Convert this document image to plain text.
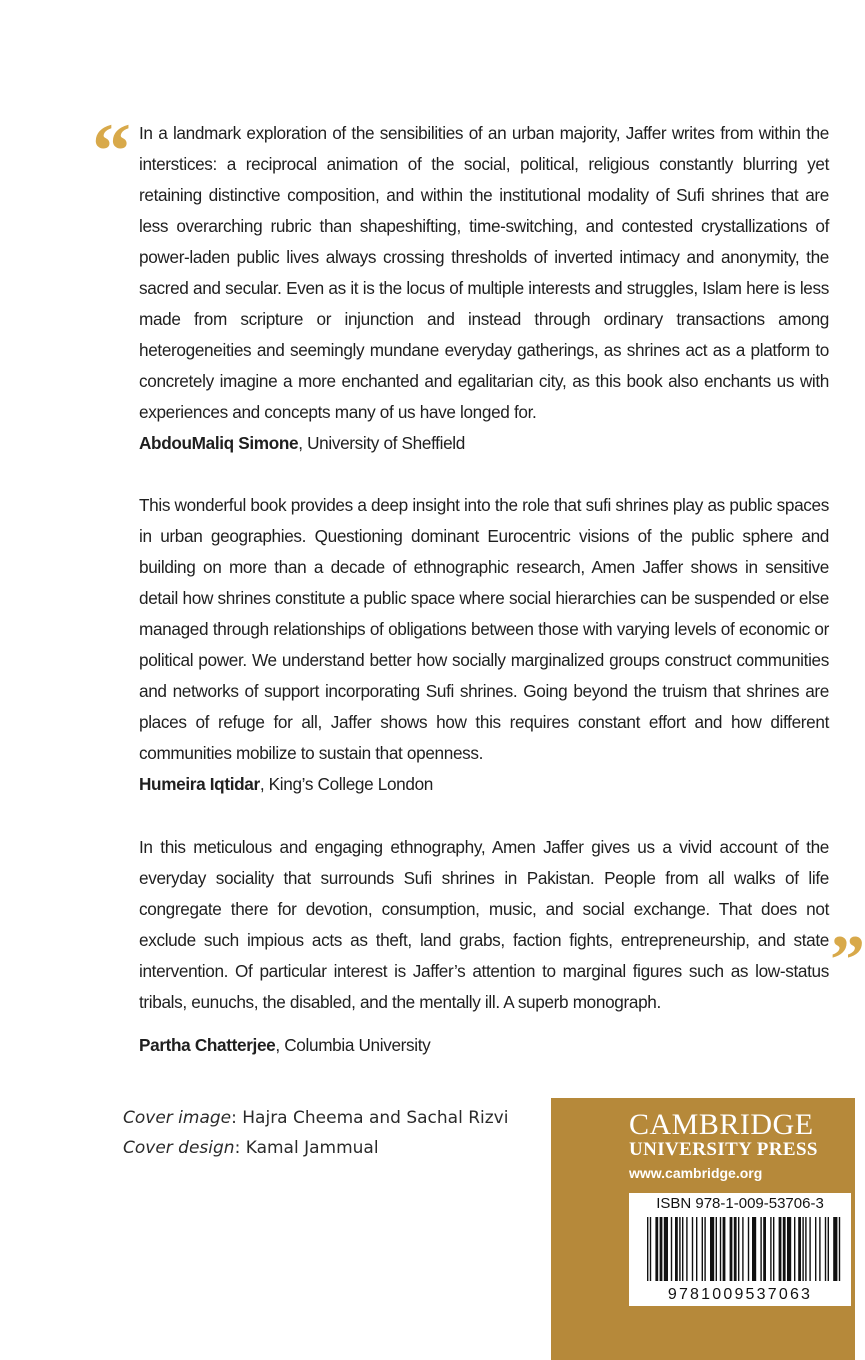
“ In a landmark exploration of the sensibilities of an urban majority, Jaffer writes from within the interstices: a reciprocal animation of the social, political, religious constantly blurring yet retaining distinctive composition, and within the institutional modality of Sufi shrines that are less overarching rubric than shapeshifting, time-switching, and contested crystallizations of power-laden public lives always crossing thresholds of inverted intimacy and anonymity, the sacred and secular. Even as it is the locus of multiple interests and struggles, Islam here is less made from scripture or injunction and instead through ordinary transactions among heterogeneities and seemingly mundane everyday gatherings, as shrines act as a platform to concretely imagine a more enchanted and egalitarian city, as this book also enchants us with experiences and concepts many of us have longed for.

AbdouMaliq Simone, University of Sheffield

This wonderful book provides a deep insight into the role that sufi shrines play as public spaces in urban geographies. Questioning dominant Eurocentric visions of the public sphere and building on more than a decade of ethnographic research, Amen Jaffer shows in sensitive detail how shrines constitute a public space where social hierarchies can be suspended or else managed through relationships of obligations between those with varying levels of economic or political power. We understand better how socially marginalized groups construct communities and networks of support incorporating Sufi shrines. Going beyond the truism that shrines are places of refuge for all, Jaffer shows how this requires constant effort and how different communities mobilize to sustain that openness.

Humeira Iqtidar, King’s College London

In this meticulous and engaging ethnography, Amen Jaffer gives us a vivid account of the everyday sociality that surrounds Sufi shrines in Pakistan. People from all walks of life congregate there for devotion, consumption, music, and social exchange. That does not exclude such impious acts as theft, land grabs, faction fights, entrepreneurship, and state intervention. Of particular interest is Jaffer’s attention to marginal figures such as low-status tribals, eunuchs, the disabled, and the mentally ill. A superb monograph.

Partha Chatterjee, Columbia University

”
Cover image: Hajra Cheema and Sachal Rizvi
Cover design: Kamal Jammual
CAMBRIDGE
UNIVERSITY PRESS
www.cambridge.org
ISBN 978-1-009-53706-3
9781009537063
